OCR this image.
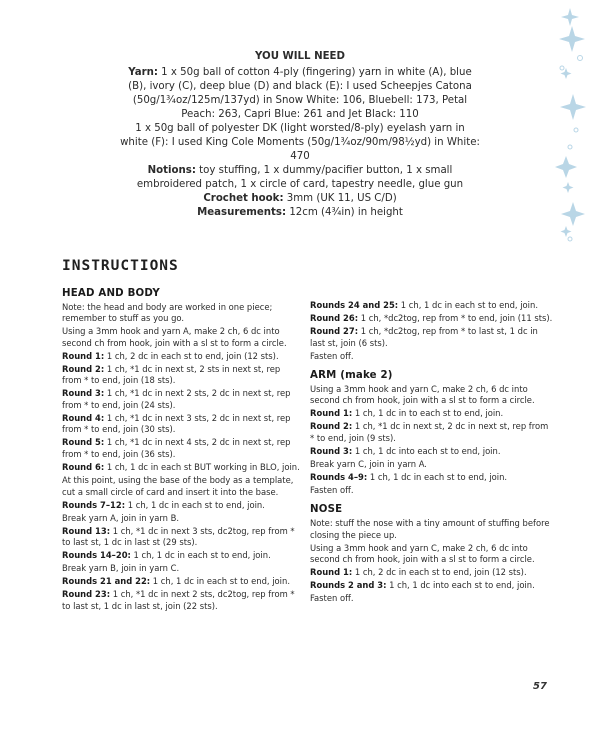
YOU WILL NEED

Yarn: 1 x 50g ball of cotton 4-ply (fingering) yarn in white (A), blue (B), ivory (C), deep blue (D) and black (E): I used Scheepjes Catona (50g/1¾oz/125m/137yd) in Snow White: 106, Bluebell: 173, Petal Peach: 263, Capri Blue: 261 and Jet Black: 110

1 x 50g ball of polyester DK (light worsted/8-ply) eyelash yarn in white (F): I used King Cole Moments (50g/1¾oz/90m/98½yd) in White: 470

Notions: toy stuffing, 1 x dummy/pacifier button, 1 x small embroidered patch, 1 x circle of card, tapestry needle, glue gun

Crochet hook: 3mm (UK 11, US C/D)

Measurements: 12cm (4¾in) in height

INSTRUCTIONS
HEAD AND BODY

Note: the head and body are worked in one piece; remember to stuff as you go.

Using a 3mm hook and yarn A, make 2 ch, 6 dc into second ch from hook, join with a sl st to form a circle.

Round 1: 1 ch, 2 dc in each st to end, join (12 sts).

Round 2: 1 ch, *1 dc in next st, 2 sts in next st, rep from * to end, join (18 sts).

Round 3: 1 ch, *1 dc in next 2 sts, 2 dc in next st, rep from * to end, join (24 sts).

Round 4: 1 ch, *1 dc in next 3 sts, 2 dc in next st, rep from * to end, join (30 sts).

Round 5: 1 ch, *1 dc in next 4 sts, 2 dc in next st, rep from * to end, join (36 sts).

Round 6: 1 ch, 1 dc in each st BUT working in BLO, join.

At this point, using the base of the body as a template, cut a small circle of card and insert it into the base.

Rounds 7–12: 1 ch, 1 dc in each st to end, join.

Break yarn A, join in yarn B.

Round 13: 1 ch, *1 dc in next 3 sts, dc2tog, rep from * to last st, 1 dc in last st (29 sts).

Rounds 14–20: 1 ch, 1 dc in each st to end, join.

Break yarn B, join in yarn C.

Rounds 21 and 22: 1 ch, 1 dc in each st to end, join.

Round 23: 1 ch, *1 dc in next 2 sts, dc2tog, rep from * to last st, 1 dc in last st, join (22 sts).

Rounds 24 and 25: 1 ch, 1 dc in each st to end, join.

Round 26: 1 ch, *dc2tog, rep from * to end, join (11 sts).

Round 27: 1 ch, *dc2tog, rep from * to last st, 1 dc in last st, join (6 sts).

Fasten off.

ARM (make 2)

Using a 3mm hook and yarn C, make 2 ch, 6 dc into second ch from hook, join with a sl st to form a circle.

Round 1: 1 ch, 1 dc in to each st to end, join.

Round 2: 1 ch, *1 dc in next st, 2 dc in next st, rep from * to end, join (9 sts).

Round 3: 1 ch, 1 dc into each st to end, join.

Break yarn C, join in yarn A.

Rounds 4–9: 1 ch, 1 dc in each st to end, join.

Fasten off.

NOSE

Note: stuff the nose with a tiny amount of stuffing before closing the piece up.

Using a 3mm hook and yarn C, make 2 ch, 6 dc into second ch from hook, join with a sl st to form a circle.

Round 1: 1 ch, 2 dc in each st to end, join (12 sts).

Rounds 2 and 3: 1 ch, 1 dc into each st to end, join.

Fasten off.

57
